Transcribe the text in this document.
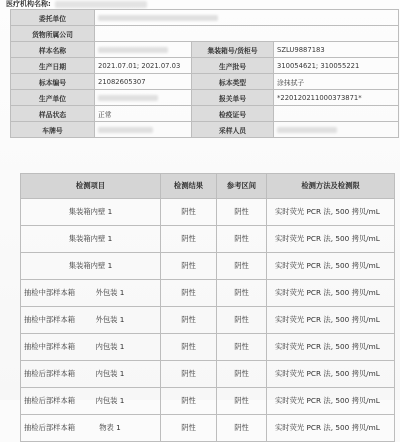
医疗机构名称:
委托单位			
货物所属公司			
样本名称		集装箱号/货柜号	SZLU9887183
生产日期	2021.07.01; 2021.07.03	生产批号	310054621; 310055221
标本编号	21082605307	标本类型	涂抹拭子
生产单位		报关单号	*220120211000373871*
样品状态	正常	检疫证号	
车牌号		采样人员	
检测项目	检测结果	参考区间	检测方法及检测限
集装箱内壁 1	阴性	阴性	实时荧光 PCR 法, 500 拷贝/mL
集装箱内壁 1	阴性	阴性	实时荧光 PCR 法, 500 拷贝/mL
集装箱内壁 1	阴性	阴性	实时荧光 PCR 法, 500 拷贝/mL
抽检中部样本箱 外包装 1	阴性	阴性	实时荧光 PCR 法, 500 拷贝/mL
抽检中部样本箱 外包装 1	阴性	阴性	实时荧光 PCR 法, 500 拷贝/mL
抽检中部样本箱 内包装 1	阴性	阴性	实时荧光 PCR 法, 500 拷贝/mL
抽检后部样本箱 内包装 1	阴性	阴性	实时荧光 PCR 法, 500 拷贝/mL
抽检后部样本箱 内包装 1	阴性	阴性	实时荧光 PCR 法, 500 拷贝/mL
抽检后部样本箱 物表 1	阴性	阴性	实时荧光 PCR 法, 500 拷贝/mL
